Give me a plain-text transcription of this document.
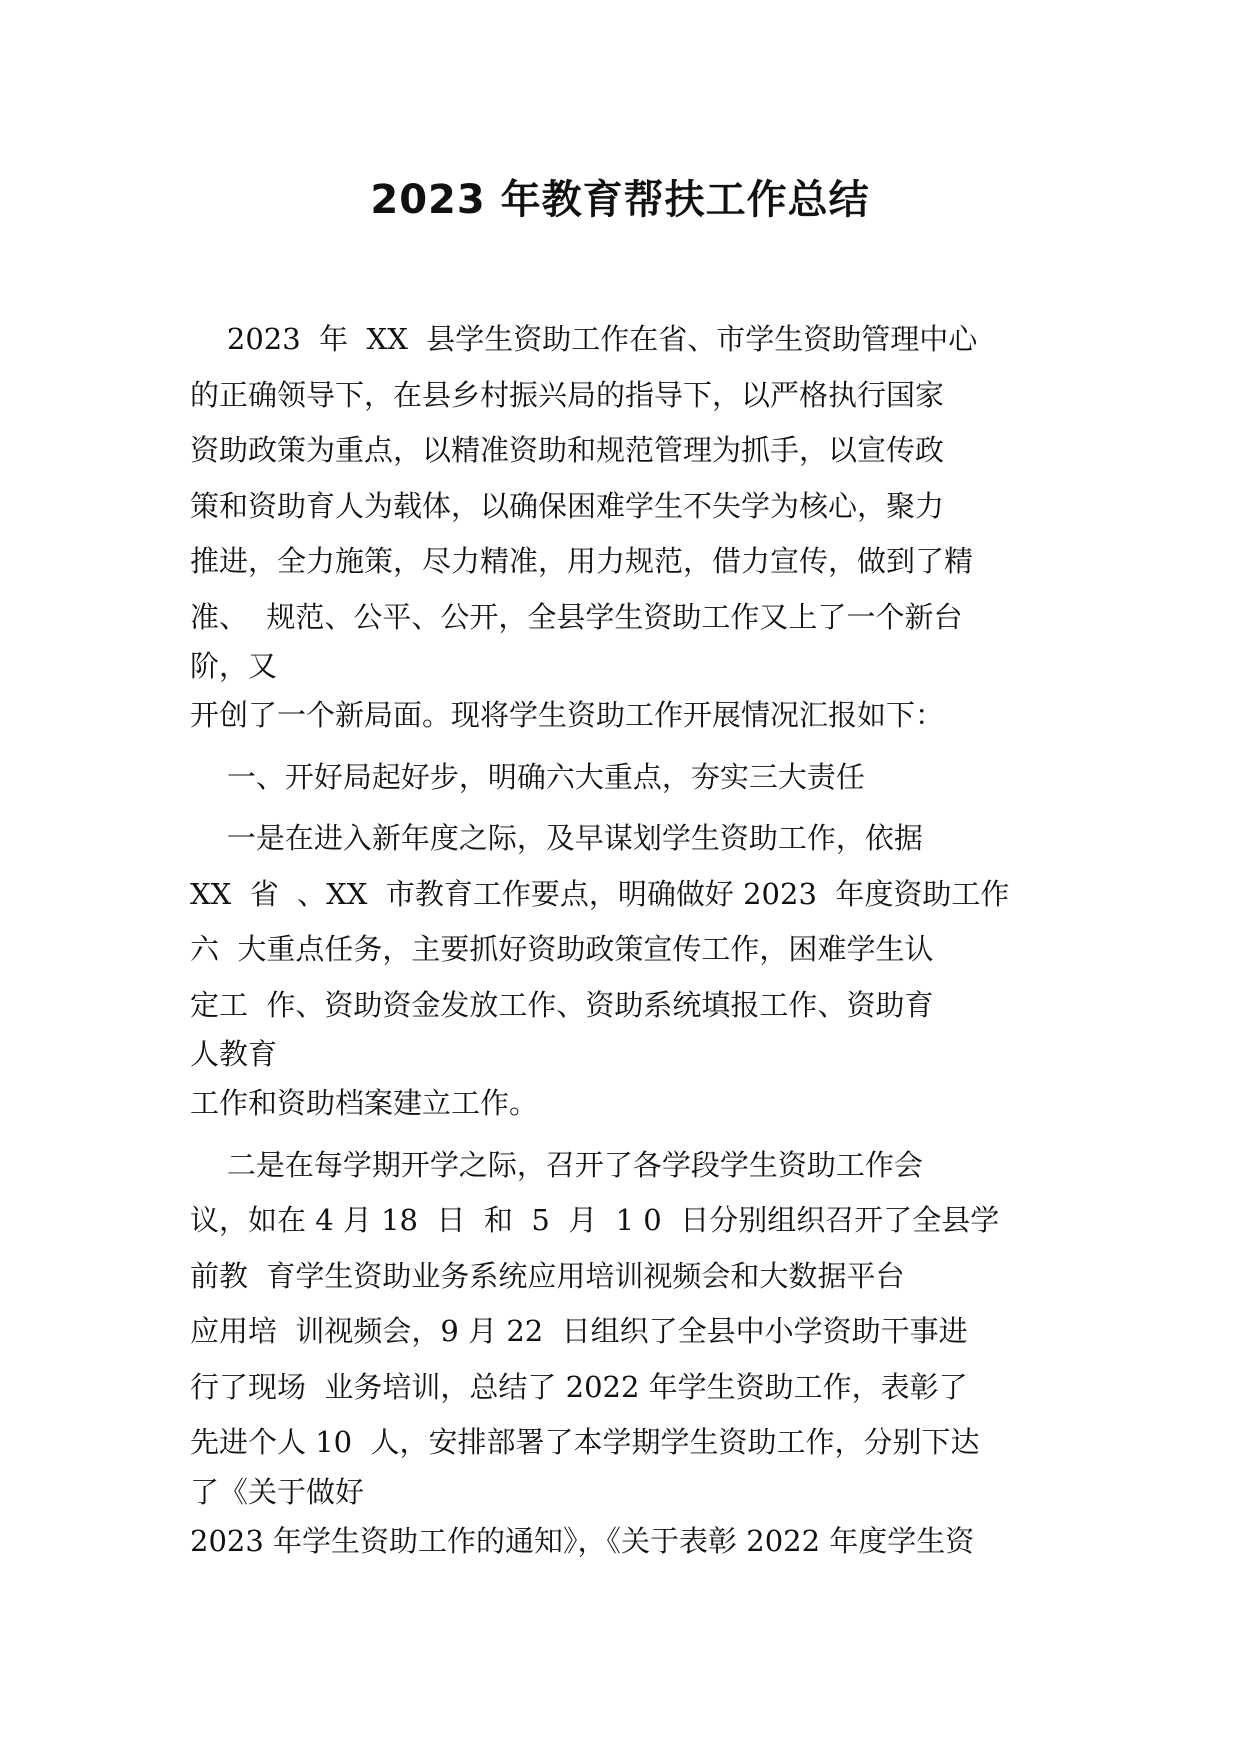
2023 年教育帮扶工作总结
2023  年  XX  县学生资助工作在省、市学生资助管理中心
的正确领导下，在县乡村振兴局的指导下，以严格执行国家
资助政策为重点，以精准资助和规范管理为抓手，以宣传政
策和资助育人为载体，以确保困难学生不失学为核心，聚力
推进，全力施策，尽力精准，用力规范，借力宣传，做到了精
准、  规范、公平、公开，全县学生资助工作又上了一个新台
阶，又
开创了一个新局面。现将学生资助工作开展情况汇报如下：
一、开好局起好步，明确六大重点，夯实三大责任
一是在进入新年度之际，及早谋划学生资助工作，依据
XX  省  、XX  市教育工作要点，明确做好 2023  年度资助工作
六  大重点任务，主要抓好资助政策宣传工作，困难学生认
定工  作、资助资金发放工作、资助系统填报工作、资助育
人教育
工作和资助档案建立工作。
二是在每学期开学之际，召开了各学段学生资助工作会
议，如在 4 月 18  日  和  5  月  1 0  日分别组织召开了全县学
前教  育学生资助业务系统应用培训视频会和大数据平台
应用培  训视频会，9 月 22  日组织了全县中小学资助干事进
行了现场  业务培训，总结了 2022 年学生资助工作，表彰了
先进个人 10  人，安排部署了本学期学生资助工作，分别下达
了《关于做好
2023 年学生资助工作的通知》，《关于表彰 2022 年度学生资
